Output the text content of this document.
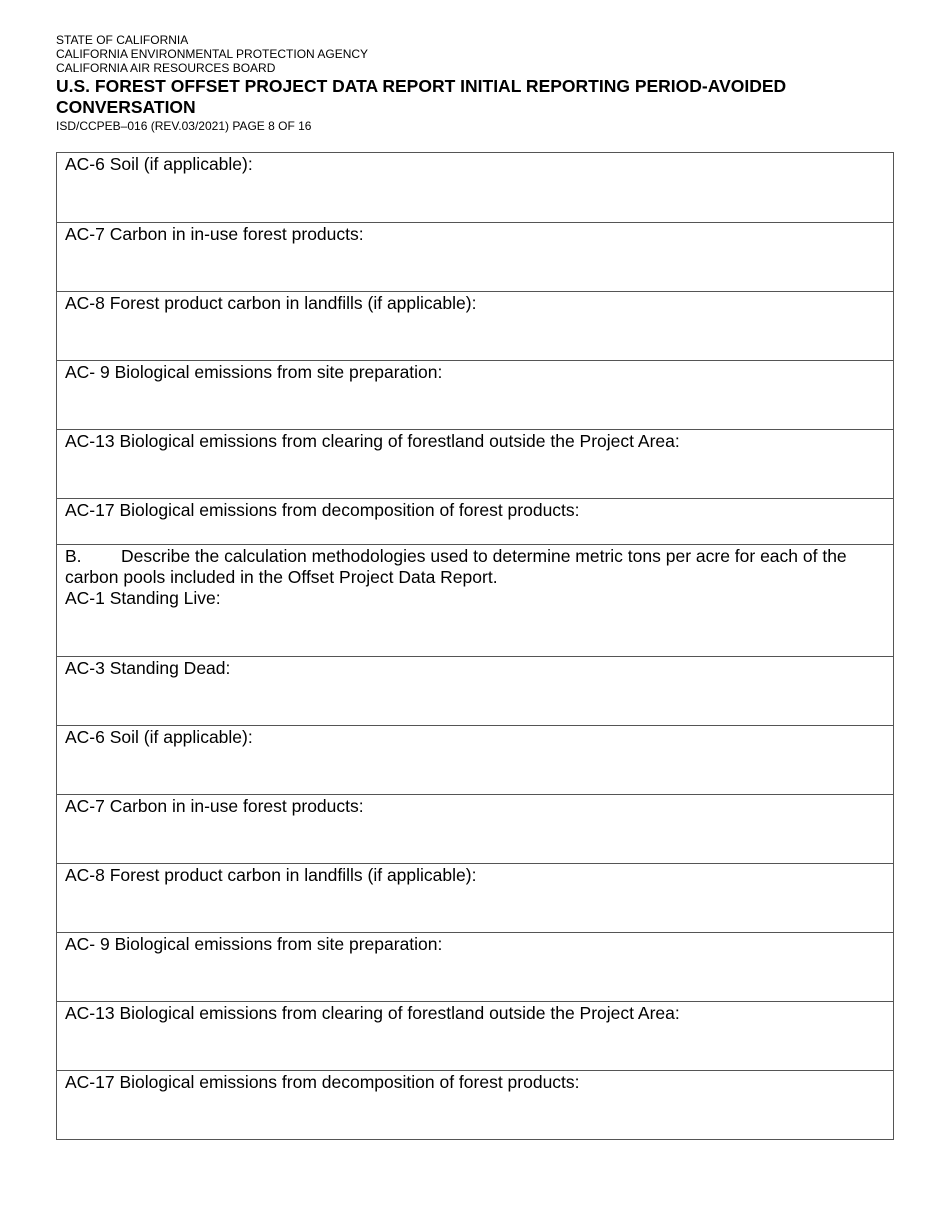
STATE OF CALIFORNIA
CALIFORNIA ENVIRONMENTAL PROTECTION AGENCY
CALIFORNIA AIR RESOURCES BOARD
U.S. FOREST OFFSET PROJECT DATA REPORT INITIAL REPORTING PERIOD-AVOIDED CONVERSATION
ISD/CCPEB–016 (REV.03/2021) PAGE 8 OF 16
AC-6 Soil (if applicable):
AC-7 Carbon in in-use forest products:
AC-8 Forest product carbon in landfills (if applicable):
AC- 9 Biological emissions from site preparation:
AC-13 Biological emissions from clearing of forestland outside the Project Area:
AC-17 Biological emissions from decomposition of forest products:
B. Describe the calculation methodologies used to determine metric tons per acre for each of the carbon pools included in the Offset Project Data Report.
AC-1 Standing Live:
AC-3 Standing Dead:
AC-6 Soil (if applicable):
AC-7 Carbon in in-use forest products:
AC-8 Forest product carbon in landfills (if applicable):
AC- 9 Biological emissions from site preparation:
AC-13 Biological emissions from clearing of forestland outside the Project Area:
AC-17 Biological emissions from decomposition of forest products:
